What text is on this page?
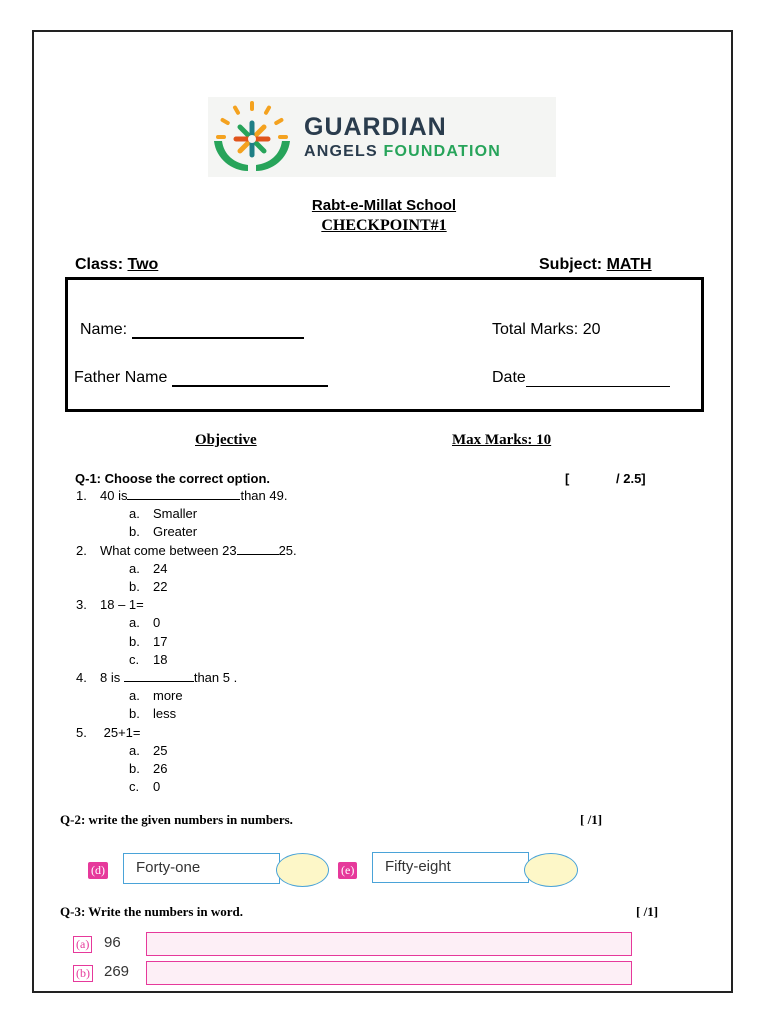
GUARDIAN
ANGELS FOUNDATION
Rabt-e-Millat School
CHECKPOINT#1
Class: Two	Subject: MATH
Name:	Total Marks: 20
Father Name	Date
Objective	Max Marks: 10
Q-1: Choose the correct option.	[	/ 2.5]
1. 40 is	than 49.
a. Smaller
b. Greater
2. What come between 23	25.
a. 24
b. 22
3. 18 – 1=
a. 0
b. 17
c. 18
4. 8 is	than 5 .
a. more
b. less
5. 25+1=
a. 25
b. 26
c. 0
Q-2: write the given numbers in numbers.	[ /1]
(d)	Forty-one	(e)	Fifty-eight
Q-3: Write the numbers in word.	[ /1]
(a) 96
(b) 269
